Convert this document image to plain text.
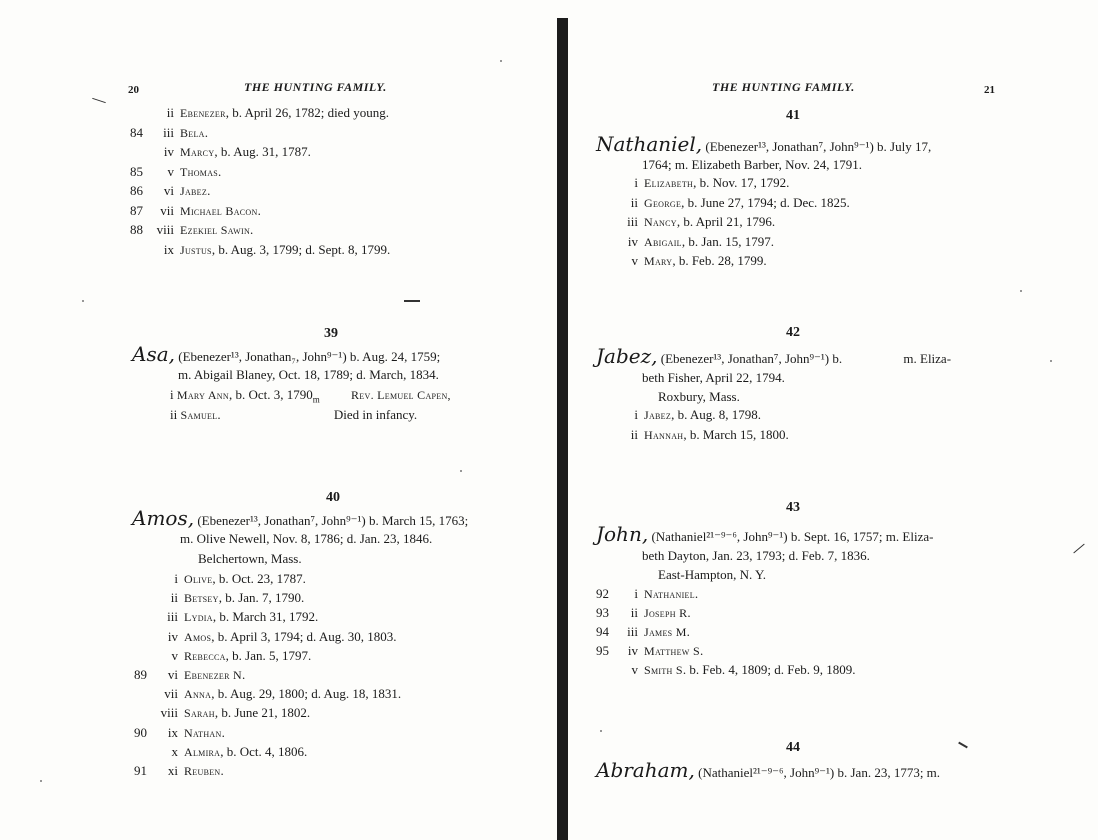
20	THE HUNTING FAMILY.
ii Ebenezer, b. April 26, 1782; died young.
84	iii Bela.
iv Marcy, b. Aug. 31, 1787.
85	v Thomas.
86	vi Jabez.
87	vii Michael Bacon.
88	viii Ezekiel Sawin.
ix Justus, b. Aug. 3, 1799; d. Sept. 8, 1799.
39
Asa, (Ebenezer¹³, Jonathan₇, John⁹⁻¹) b. Aug. 24, 1759;
m. Abigail Blaney, Oct. 18, 1789; d. March, 1834.
i Mary Ann, b. Oct. 3, $1790_m$	Rev. Lemuel Capen,
ii Samuel.	Died in infancy.
40
Amos, (Ebenezer¹³, Jonathan⁷, John⁹⁻¹) b. March 15, 1763;
m. Olive Newell, Nov. 8, 1786; d. Jan. 23, 1846.
Belchertown, Mass.
i Olive, b. Oct. 23, 1787.
ii Betsey, b. Jan. 7, 1790.
iii Lydia, b. March 31, 1792.
iv Amos, b. April 3, 1794; d. Aug. 30, 1803.
v Rebecca, b. Jan. 5, 1797.
89	vi Ebenezer N.
vii Anna, b. Aug. 29, 1800; d. Aug. 18, 1831.
viii Sarah, b. June 21, 1802.
90	ix Nathan.
x Almira, b. Oct. 4, 1806.
91	xi Reuben.
THE HUNTING FAMILY.	21
41
Nathaniel, (Ebenezer¹³, Jonathan⁷, John⁹⁻¹) b. July 17,
1764; m. Elizabeth Barber, Nov. 24, 1791.
i Elizabeth, b. Nov. 17, 1792.
ii George, b. June 27, 1794; d. Dec. 1825.
iii Nancy, b. April 21, 1796.
iv Abigail, b. Jan. 15, 1797.
v Mary, b. Feb. 28, 1799.
42
Jabez, (Ebenezer¹³, Jonathan⁷, John⁹⁻¹) b.	m. Eliza-
beth Fisher, April 22, 1794.
Roxbury, Mass.
i Jabez, b. Aug. 8, 1798.
ii Hannah, b. March 15, 1800.
43
John, (Nathaniel²¹⁻⁹⁻⁶, John⁹⁻¹) b. Sept. 16, 1757; m. Eliza-
beth Dayton, Jan. 23, 1793; d. Feb. 7, 1836.
East-Hampton, N. Y.
92	i Nathaniel.
93	ii Joseph R.
94	iii James M.
95	iv Matthew S.
v Smith S. b. Feb. 4, 1809; d. Feb. 9, 1809.
44
Abraham, (Nathaniel²¹⁻⁹⁻⁶, John⁹⁻¹) b. Jan. 23, 1773; m.
